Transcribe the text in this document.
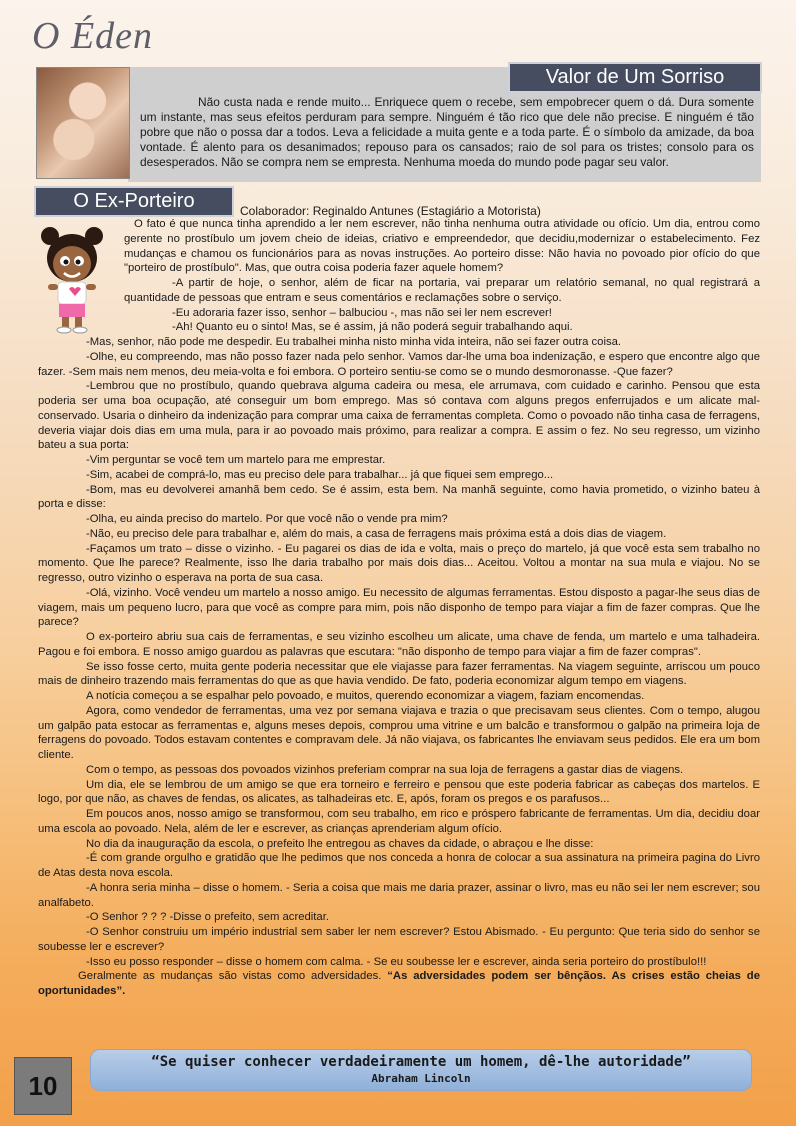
O Éden
Valor de Um Sorriso
Não custa nada e rende muito... Enriquece quem o recebe, sem empobrecer quem o dá. Dura somente um instante, mas seus efeitos perduram para sempre. Ninguém é tão rico que dele não precise. E ninguém é tão pobre que não o possa dar a todos. Leva a felicidade a muita gente e a toda parte. É o símbolo da amizade, da boa vontade. É alento para os desanimados; repouso para os cansados; raio de sol para os tristes; consolo para os desesperados. Não se compra nem se empresta. Nenhuma moeda do mundo pode pagar seu valor.
O Ex-Porteiro	Colaborador: Reginaldo Antunes (Estagiário a Motorista)

O fato é que nunca tinha aprendido a ler nem escrever, não tinha nenhuma outra atividade ou ofício. Um dia, entrou como gerente no prostíbulo um jovem cheio de ideias, criativo e empreendedor, que decidiu,modernizar o estabelecimento. Fez mudanças e chamou os funcionários para as novas instruções. Ao porteiro disse: Não havia no povoado pior ofício do que "porteiro de prostíbulo". Mas, que outra coisa poderia fazer aquele homem?

-A partir de hoje, o senhor, além de ficar na portaria, vai preparar um relatório semanal, no qual registrará a quantidade de pessoas que entram e seus comentários e reclamações sobre o serviço.

-Eu adoraria fazer isso, senhor – balbuciou -, mas não sei ler nem escrever!

-Ah! Quanto eu o sinto! Mas, se é assim, já não poderá seguir trabalhando aqui.

-Mas, senhor, não pode me despedir. Eu trabalhei minha nisto minha vida inteira, não sei fazer outra coisa.

-Olhe, eu compreendo, mas não posso fazer nada pelo senhor. Vamos dar-lhe uma boa indenização, e espero que encontre algo que fazer. -Sem mais nem menos, deu meia-volta e foi embora. O porteiro sentiu-se como se o mundo desmoronasse. -Que fazer?

-Lembrou que no prostíbulo, quando quebrava alguma cadeira ou mesa, ele arrumava, com cuidado e carinho. Pensou que esta poderia ser uma boa ocupação, até conseguir um bom emprego. Mas só contava com alguns pregos enferrujados e um alicate mal-conservado. Usaria o dinheiro da indenização para comprar uma caixa de ferramentas completa. Como o povoado não tinha casa de ferragens, deveria viajar dois dias em uma mula, para ir ao povoado mais próximo, para realizar a compra. E assim o fez. No seu regresso, um vizinho bateu a sua porta:

-Vim perguntar se você tem um martelo para me emprestar.

-Sim, acabei de comprá-lo, mas eu preciso dele para trabalhar... já que fiquei sem emprego...

-Bom, mas eu devolverei amanhã bem cedo. Se é assim, esta bem. Na manhã seguinte, como havia prometido, o vizinho bateu à porta e disse:

-Olha, eu ainda preciso do martelo. Por que você não o vende pra mim?

-Não, eu preciso dele para trabalhar e, além do mais, a casa de ferragens mais próxima está a dois dias de viagem.

-Façamos um trato – disse o vizinho. - Eu pagarei os dias de ida e volta, mais o preço do martelo, já que você esta sem trabalho no momento. Que lhe parece? Realmente, isso lhe daria trabalho por mais dois dias... Aceitou. Voltou a montar na sua mula e viajou. No se regresso, outro vizinho o esperava na porta de sua casa.

-Olá, vizinho. Você vendeu um martelo a nosso amigo. Eu necessito de algumas ferramentas. Estou disposto a pagar-lhe seus dias de viagem, mais um pequeno lucro, para que você as compre para mim, pois não disponho de tempo para viajar a fim de fazer compras. Que lhe parece?

O ex-porteiro abriu sua cais de ferramentas, e seu vizinho escolheu um alicate, uma chave de fenda, um martelo e uma talhadeira. Pagou e foi embora. E nosso amigo guardou as palavras que escutara: "não disponho de tempo para viajar a fim de fazer compras".

Se isso fosse certo, muita gente poderia necessitar que ele viajasse para fazer ferramentas. Na viagem seguinte, arriscou um pouco mais de dinheiro trazendo mais ferramentas do que as que havia vendido. De fato, poderia economizar algum tempo em viagens.

A notícia começou a se espalhar pelo povoado, e muitos, querendo economizar a viagem, faziam encomendas.

Agora, como vendedor de ferramentas, uma vez por semana viajava e trazia o que precisavam seus clientes. Com o tempo, alugou um galpão pata estocar as ferramentas e, alguns meses depois, comprou uma vitrine e um balcão e transformou o galpão na primeira loja de ferragens do povoado. Todos estavam contentes e compravam dele. Já não viajava, os fabricantes lhe enviavam seus pedidos. Ele era um bom cliente.

Com o tempo, as pessoas dos povoados vizinhos preferiam comprar na sua loja de ferragens a gastar dias de viagens.

Um dia, ele se lembrou de um amigo se que era torneiro e ferreiro e pensou que este poderia fabricar as cabeças dos martelos. E logo, por que não, as chaves de fendas, os alicates, as talhadeiras etc. E, após, foram os pregos e os parafusos...

Em poucos anos, nosso amigo se transformou, com seu trabalho, em rico e próspero fabricante de ferramentas. Um dia, decidiu doar uma escola ao povoado. Nela, além de ler e escrever, as crianças aprenderiam algum ofício.

No dia da inauguração da escola, o prefeito lhe entregou as chaves da cidade, o abraçou e lhe disse:

-É com grande orgulho e gratidão que lhe pedimos que nos conceda a honra de colocar a sua assinatura na primeira pagina do Livro de Atas desta nova escola.

-A honra seria minha – disse o homem. - Seria a coisa que mais me daria prazer, assinar o livro, mas eu não sei ler nem escrever; sou analfabeto.

-O Senhor ? ? ? -Disse o prefeito, sem acreditar.

-O Senhor construiu um império industrial sem saber ler nem escrever? Estou Abismado. - Eu pergunto: Que teria sido do senhor se soubesse ler e escrever?

-Isso eu posso responder – disse o homem com calma. - Se eu soubesse ler e escrever, ainda seria porteiro do prostíbulo!!!

Geralmente as mudanças são vistas como adversidades. “As adversidades podem ser bênçãos. As crises estão cheias de oportunidades”.

“Se quiser conhecer verdadeiramente um homem, dê-lhe autoridade”
Abraham Lincoln
10
